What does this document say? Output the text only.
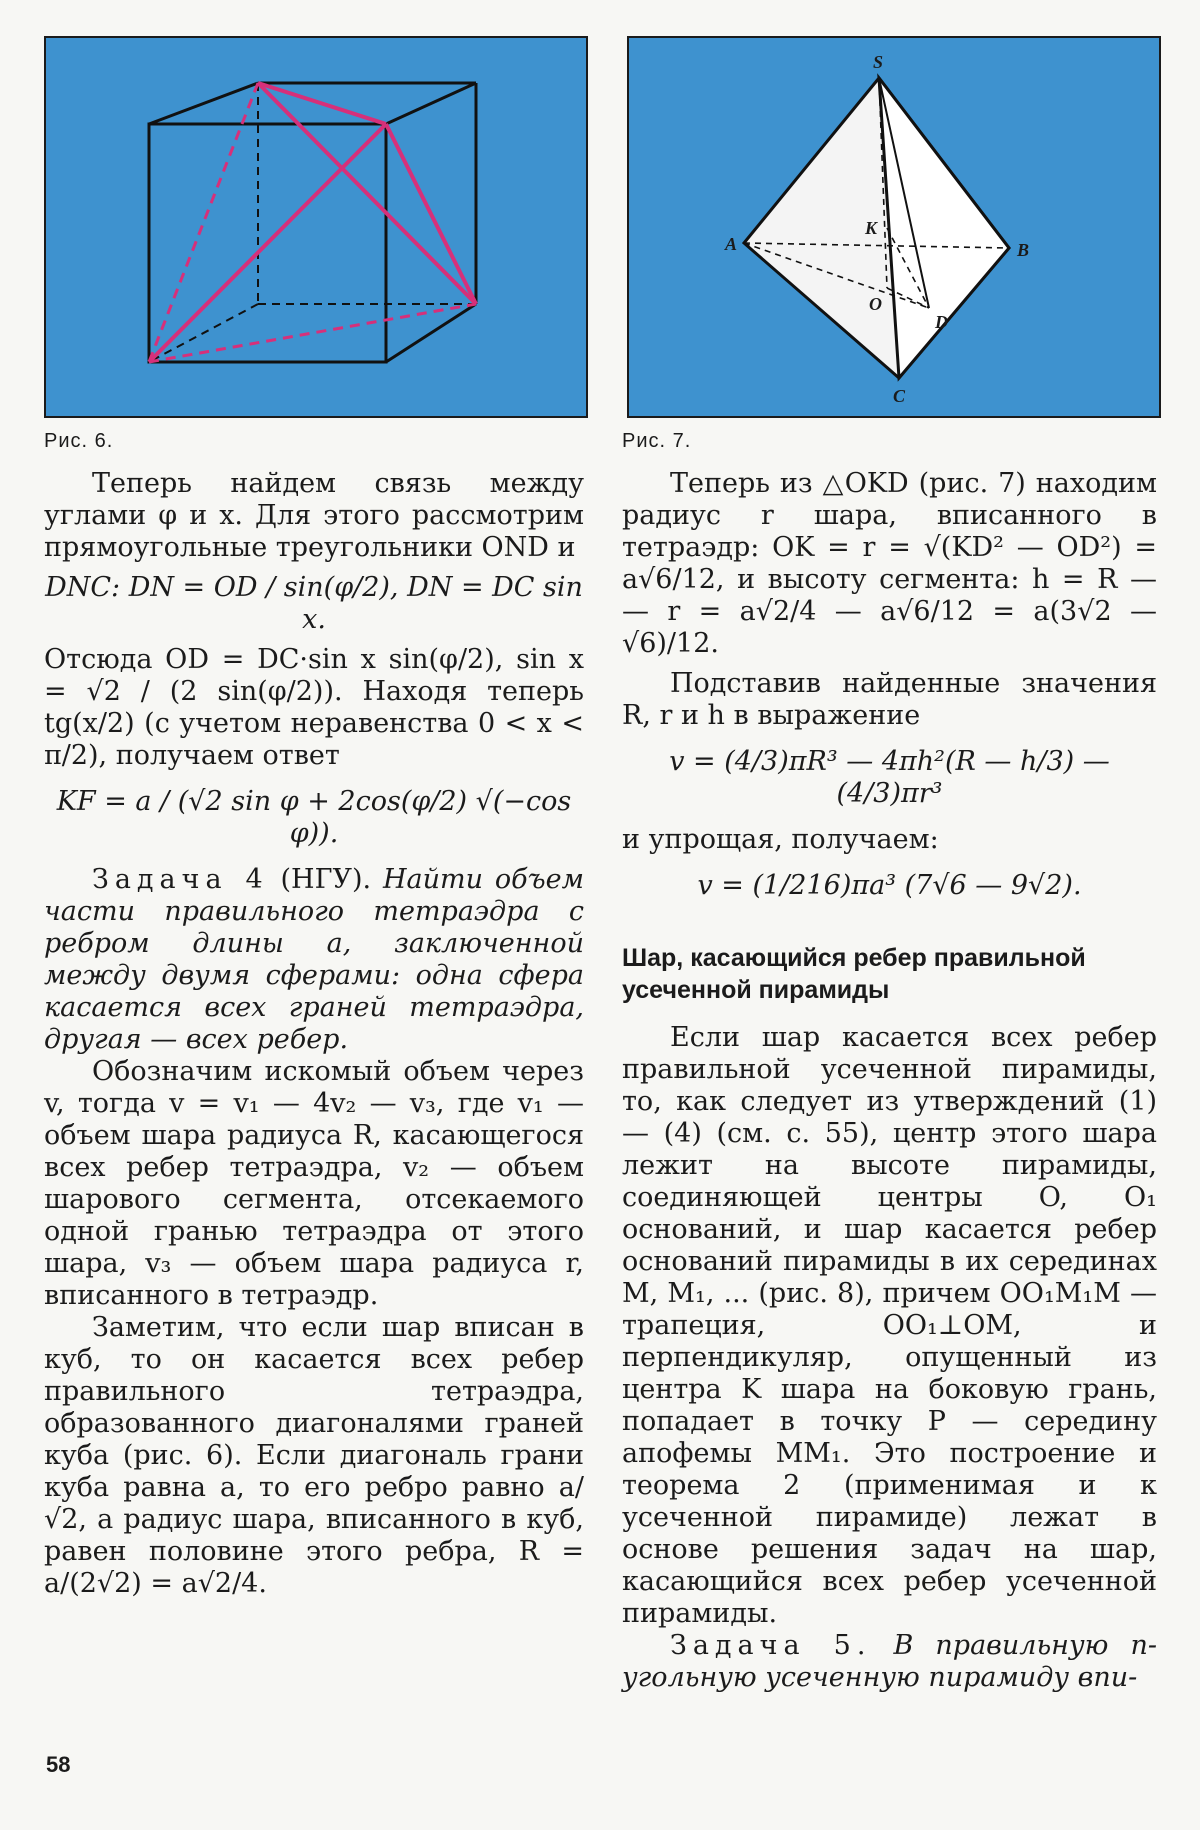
Рис. 6.
S
A	B
K
O
D
C
Рис. 7.

Теперь найдем связь между углами φ и x. Для этого рассмотрим прямоугольные треугольники OND и

DNC: DN = OD / sin(φ/2), DN = DC sin x.

Отсюда OD = DC·sin x sin(φ/2), sin x = √2 / (2 sin(φ/2)). Находя теперь tg(x/2) (с учетом неравенства 0 < x < π/2), получаем ответ

KF = a / (√2 sin φ + 2cos(φ/2) √(−cos φ)).

Задача 4 (НГУ). Найти объем части правильного тетраэдра с ребром длины a, заключенной между двумя сферами: одна сфера касается всех граней тетраэдра, другая — всех ребер.

Обозначим искомый объем через v, тогда v = v₁ — 4v₂ — v₃, где v₁ — объем шара радиуса R, касающегося всех ребер тетраэдра, v₂ — объем шарового сегмента, отсекаемого одной гранью тетраэдра от этого шара, v₃ — объем шара радиуса r, вписанного в тетраэдр.

Заметим, что если шар вписан в куб, то он касается всех ребер правильного тетраэдра, образованного диагоналями граней куба (рис. 6). Если диагональ грани куба равна a, то его ребро равно a/√2, а радиус шара, вписанного в куб, равен половине этого ребра, R = a/(2√2) = a√2/4.

Теперь из △OKD (рис. 7) находим радиус r шара, вписанного в тетраэдр: OK = r = √(KD² — OD²) = a√6/12, и высоту сегмента: h = R — — r = a√2/4 — a√6/12 = a(3√2 — √6)/12.

Подставив найденные значения R, r и h в выражение

v = (4/3)πR³ — 4πh²(R — h/3) — (4/3)πr³

и упрощая, получаем:

v = (1/216)πa³ (7√6 — 9√2).

Шар, касающийся ребер правильной усеченной пирамиды

Если шар касается всех ребер правильной усеченной пирамиды, то, как следует из утверждений (1) — (4) (см. с. 55), центр этого шара лежит на высоте пирамиды, соединяющей центры O, O₁ оснований, и шар касается ребер оснований пирамиды в их серединах M, M₁, ... (рис. 8), причем OO₁M₁M — трапеция, OO₁⊥OM, и перпендикуляр, опущенный из центра K шара на боковую грань, попадает в точку P — середину апофемы MM₁. Это построение и теорема 2 (применимая и к усеченной пирамиде) лежат в основе решения задач на шар, касающийся всех ребер усеченной пирамиды.

Задача 5. В правильную n-угольную усеченную пирамиду впи-

58
